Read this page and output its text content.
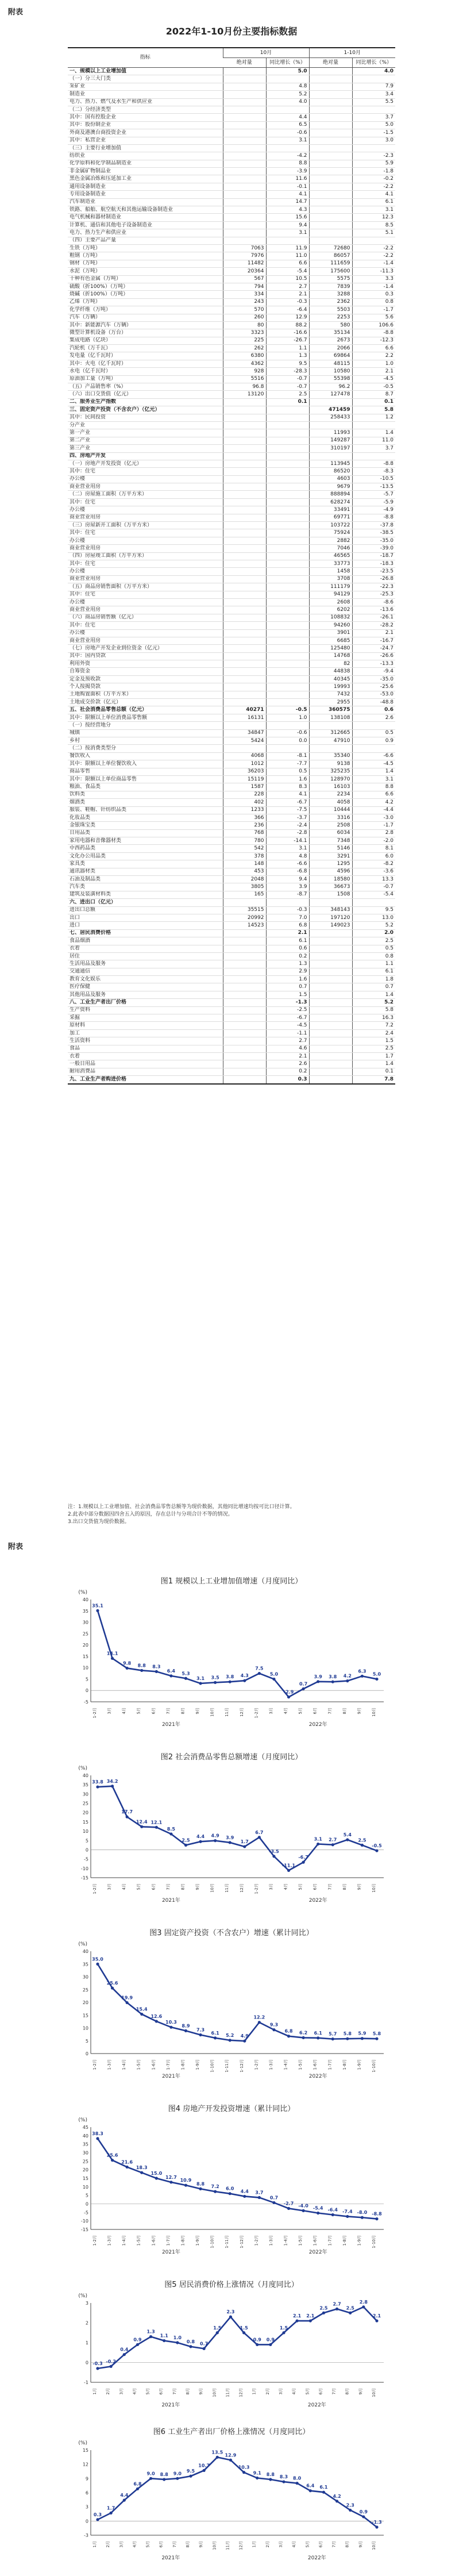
附表
2022年1-10月份主要指标数据
指标	10月		1-10月	
	绝对量	同比增长（%）	绝对量	同比增长（%）
一、规模以上工业增加值		5.0		4.0
（一）分三大门类				
采矿业		4.8		7.9
制造业		5.2		3.4
电力、热力、燃气及水生产和供应业		4.0		5.5
（二）分经济类型				
其中：国有控股企业		4.4		3.7
其中：股份制企业		6.5		5.0
外商及港澳台商投资企业		-0.6		-1.5
其中：私营企业		3.1		3.0
（三）主要行业增加值				
纺织业		-4.2		-2.3
化学原料和化学制品制造业		8.8		5.9
非金属矿物制品业		-3.9		-1.8
黑色金属冶炼和压延加工业		11.6		-0.2
通用设备制造业		-0.1		-2.2
专用设备制造业		4.1		4.1
汽车制造业		14.7		6.1
铁路、船舶、航空航天和其他运输设备制造业		4.3		3.1
电气机械和器材制造业		15.6		12.3
计算机、通信和其他电子设备制造业		9.4		8.5
电力、热力生产和供应业		3.1		5.1
（四）主要产品产量				
生铁（万吨）	7063	11.9	72680	-2.2
粗钢（万吨）	7976	11.0	86057	-2.2
钢材（万吨）	11482	6.6	111659	-1.4
水泥（万吨）	20364	-5.4	175600	-11.3
十种有色金属（万吨）	567	10.5	5575	3.3
硫酸（折100%）（万吨）	794	2.7	7839	-1.4
烧碱（折100%）（万吨）	334	2.1	3288	0.3
乙烯（万吨）	243	-0.3	2362	0.8
化学纤维（万吨）	570	-6.4	5503	-1.7
汽车（万辆）	260	12.9	2253	5.6
其中：新能源汽车（万辆）	80	88.2	580	106.6
微型计算机设备（万台）	3323	-16.6	35134	-8.8
集成电路（亿块）	225	-26.7	2673	-12.3
汽轮机（万千瓦）	262	1.1	2066	6.6
发电量（亿千瓦时）	6380	1.3	69864	2.2
其中：火电（亿千瓦时）	4362	9.5	48115	1.0
水电（亿千瓦时）	928	-28.3	10580	2.1
原油加工量（万吨）	5516	-0.7	55398	-4.5
（五）产品销售率（%）	96.8	-0.7	96.2	-0.5
（六）出口交货值（亿元）	13120	2.5	127478	8.7
二、服务业生产指数		0.1		0.1
三、固定资产投资（不含农户）（亿元）			471459	5.8
其中：民间投资			258433	1.2
分产业				
第一产业			11993	1.4
第二产业			149287	11.0
第三产业			310197	3.7
四、房地产开发				
（一）房地产开发投资（亿元）			113945	-8.8
其中：住宅			86520	-8.3
办公楼			4603	-10.5
商业营业用房			9679	-13.5
（二）房屋施工面积（万平方米）			888894	-5.7
其中：住宅			628274	-5.9
办公楼			33491	-4.9
商业营业用房			69771	-8.8
（三）房屋新开工面积（万平方米）			103722	-37.8
其中：住宅			75924	-38.5
办公楼			2882	-35.0
商业营业用房			7046	-39.0
（四）房屋竣工面积（万平方米）			46565	-18.7
其中：住宅			33773	-18.3
办公楼			1458	-23.5
商业营业用房			3708	-26.8
（五）商品房销售面积（万平方米）			111179	-22.3
其中：住宅			94129	-25.3
办公楼			2608	-8.6
商业营业用房			6202	-13.6
（六）商品房销售额（亿元）			108832	-26.1
其中：住宅			94260	-28.2
办公楼			3901	2.1
商业营业用房			6685	-16.7
（七）房地产开发企业到位资金（亿元）			125480	-24.7
其中：国内贷款			14768	-26.6
利用外资			82	-13.3
自筹资金			44838	-9.4
定金及预收款			40345	-35.0
个人按揭贷款			19993	-25.6
土地购置面积（万平方米）			7432	-53.0
土地成交价款（亿元）			2955	-48.8
五、社会消费品零售总额（亿元）	40271	-0.5	360575	0.6
其中：限额以上单位消费品零售额	16131	1.0	138108	2.6
（一）按经营地分				
城镇	34847	-0.6	312665	0.5
乡村	5424	0.0	47910	0.9
（二）按消费类型分				
餐饮收入	4068	-8.1	35340	-6.6
其中：限额以上单位餐饮收入	1012	-7.7	9138	-4.5
商品零售	36203	0.5	325235	1.4
其中：限额以上单位商品零售	15119	1.6	128970	3.1
粮油、食品类	1587	8.3	16103	8.8
饮料类	228	4.1	2234	6.6
烟酒类	402	-6.7	4058	4.2
服装、鞋帽、针纺织品类	1233	-7.5	10444	-4.4
化妆品类	366	-3.7	3316	-3.0
金银珠宝类	236	-2.4	2508	-1.7
日用品类	768	-2.8	6034	2.8
家用电器和音像器材类	780	-14.1	7348	-2.0
中西药品类	542	3.1	5146	8.1
文化办公用品类	378	4.8	3291	6.0
家具类	148	-6.6	1295	-8.2
通讯器材类	453	-6.8	4596	-3.6
石油及制品类	2048	9.4	18580	13.3
汽车类	3805	3.9	36673	-0.7
建筑及装潢材料类	165	-8.7	1508	-5.4
六、进出口（亿元）				
进出口总额	35515	-0.3	348143	9.5
出口	20992	7.0	197120	13.0
进口	14523	6.8	149023	5.2
七、居民消费价格		2.1		2.0
食品烟酒		6.1		2.5
衣着		0.6		0.5
居住		0.2		0.8
生活用品及服务		1.3		1.1
交通通信		2.9		6.1
教育文化娱乐		1.6		1.8
医疗保健		0.7		0.7
其他用品及服务		1.5		1.4
八、工业生产者出厂价格		-1.3		5.2
生产资料		-2.5		5.8
采掘		-6.7		16.3
原材料		-4.5		7.2
加工		-1.1		2.4
生活资料		2.7		1.5
食品		4.6		2.5
衣着		2.1		1.7
一般日用品		2.6		1.4
耐用消费品		0.2		0.1
九、工业生产者购进价格		0.3		7.8
注：1.规模以上工业增加值、社会消费品零售总额等为现价数据，其他同比增速均按可比口径计算。
2.此表中部分数据因四舍五入的原因，存在总计与分项合计不等的情况。
3.出口交货值为现价数据。
附表
图1 规模以上工业增加值增速（月度同比）
(%)
-5
0
5
10
15
20
25
30
35
40
35.1
1-2月
14.1
3月
9.8
4月
8.8
5月
8.3
6月
6.4
7月
5.3
8月
3.1
9月
3.5
10月
3.8
11月
4.3
12月
7.5
1-2月
5.0
3月
-2.9
4月
0.7
5月
3.9
6月
3.8
7月
4.2
8月
6.3
9月
5.0
10月
2021年	2022年
图2 社会消费品零售总额增速（月度同比）
(%)
-15
-10
-5
0
5
10
15
20
25
30
35
40
33.8
1-2月
34.2
3月
17.7
4月
12.4
5月
12.1
6月
8.5
7月
2.5
8月
4.4
9月
4.9
10月
3.9
11月
1.7
12月
6.7
1-2月
-3.5
3月
-11.1
4月
-6.7
5月
3.1
6月
2.7
7月
5.4
8月
2.5
9月
-0.5
10月
2021年	2022年
图3 固定资产投资（不含农户）增速（累计同比）
(%)
0
5
10
15
20
25
30
35
40
35.0
1-2月
25.6
1-3月
19.9
1-4月
15.4
1-5月
12.6
1-6月
10.3
1-7月
8.9
1-8月
7.3
1-9月
6.1
1-10月
5.2
1-11月
4.9
1-12月
12.2
1-2月
9.3
1-3月
6.8
1-4月
6.2
1-5月
6.1
1-6月
5.7
1-7月
5.8
1-8月
5.9
1-9月
5.8
1-10月
2021年	2022年
图4 房地产开发投资增速（累计同比）
(%)
-15
-10
-5
0
5
10
15
20
25
30
35
40
45
38.3
1-2月
25.6
1-3月
21.6
1-4月
18.3
1-5月
15.0
1-6月
12.7
1-7月
10.9
1-8月
8.8
1-9月
7.2
1-10月
6.0
1-11月
4.4
1-12月
3.7
1-2月
0.7
1-3月
-2.7
1-4月
-4.0
1-5月
-5.4
1-6月
-6.4
1-7月
-7.4
1-8月
-8.0
1-9月
-8.8
1-10月
2021年	2022年
图5 居民消费价格上涨情况（月度同比）
(%)
-1
0
1
2
3
-0.3
1月
-0.2
2月
0.4
3月
0.9
4月
1.3
5月
1.1
6月
1.0
7月
0.8
8月
0.7
9月
1.5
10月
2.3
11月
1.5
12月
0.9
1月
0.9
2月
1.5
3月
2.1
4月
2.1
5月
2.5
6月
2.7
7月
2.5
8月
2.8
9月
2.1
10月
2021年	2022年
图6 工业生产者出厂价格上涨情况（月度同比）
(%)
-3
0
3
6
9
12
15
0.3
1月
1.7
2月
4.4
3月
6.8
4月
9.0
5月
8.8
6月
9.0
7月
9.5
8月
10.7
9月
13.5
10月
12.9
11月
10.3
12月
9.1
1月
8.8
2月
8.3
3月
8.0
4月
6.4
5月
6.1
6月
4.2
7月
2.3
8月
0.9
9月
-1.3
10月
2021年	2022年
